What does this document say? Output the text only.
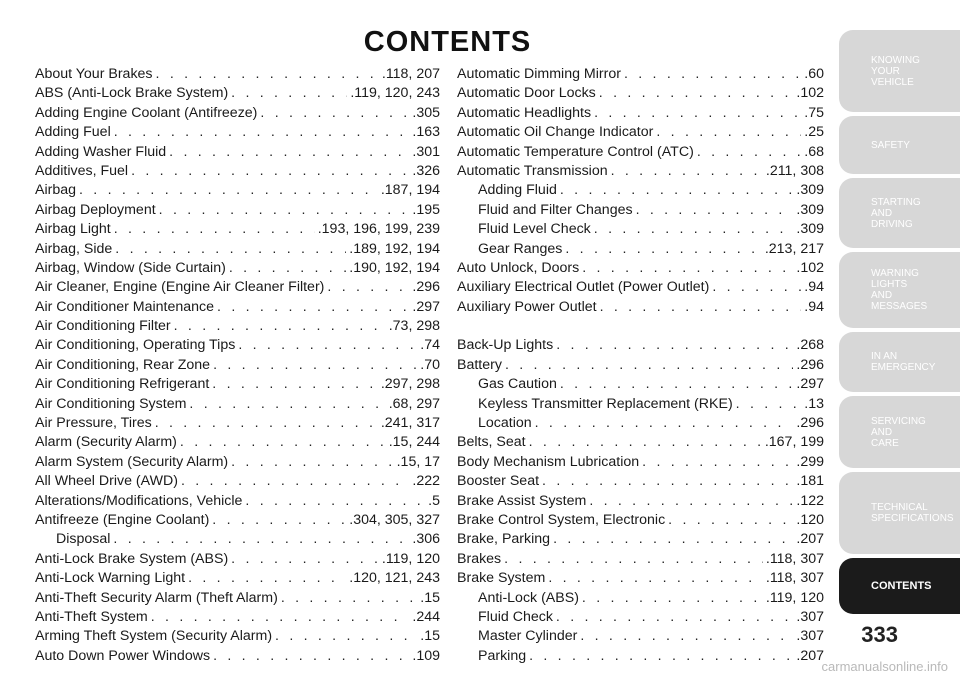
CONTENTS
About Your Brakes . . .	.118, 207
ABS (Anti-Lock Brake System) . . .	.119, 120, 243
Adding Engine Coolant (Antifreeze) . . .	.305
Adding Fuel . . .	.163
Adding Washer Fluid . . .	.301
Additives, Fuel . . .	.326
Airbag . . .	.187, 194
Airbag Deployment . . .	.195
Airbag Light . . .	.193, 196, 199, 239
Airbag, Side . . .	.189, 192, 194
Airbag, Window (Side Curtain) . . .	.190, 192, 194
Air Cleaner, Engine (Engine Air Cleaner Filter) . . .	.296
Air Conditioner Maintenance . . .	.297
Air Conditioning Filter . . .	.73, 298
Air Conditioning, Operating Tips . . .	.74
Air Conditioning, Rear Zone . . .	.70
Air Conditioning Refrigerant . . .	.297, 298
Air Conditioning System . . .	.68, 297
Air Pressure, Tires . . .	.241, 317
Alarm (Security Alarm) . . .	.15, 244
Alarm System (Security Alarm) . . .	.15, 17
All Wheel Drive (AWD) . . .	.222
Alterations/Modifications, Vehicle . . .	.5
Antifreeze (Engine Coolant) . . .	.304, 305, 327
Disposal . . .	.306
Anti-Lock Brake System (ABS) . . .	.119, 120
Anti-Lock Warning Light . . .	.120, 121, 243
Anti-Theft Security Alarm (Theft Alarm) . . .	.15
Anti-Theft System . . .	.244
Arming Theft System (Security Alarm) . . .	.15
Auto Down Power Windows . . .	.109
Automatic Dimming Mirror . . .	.60
Automatic Door Locks . . .	.102
Automatic Headlights . . .	.75
Automatic Oil Change Indicator . . .	.25
Automatic Temperature Control (ATC) . . .	.68
Automatic Transmission . . .	.211, 308
Adding Fluid . . .	.309
Fluid and Filter Changes . . .	.309
Fluid Level Check . . .	.309
Gear Ranges . . .	.213, 217
Auto Unlock, Doors . . .	.102
Auxiliary Electrical Outlet (Power Outlet) . . .	.94
Auxiliary Power Outlet . . .	.94
Back-Up Lights . . .	.268
Battery . . .	.296
Gas Caution . . .	.297
Keyless Transmitter Replacement (RKE) . . .	.13
Location . . .	.296
Belts, Seat . . .	.167, 199
Body Mechanism Lubrication . . .	.299
Booster Seat . . .	.181
Brake Assist System . . .	.122
Brake Control System, Electronic . . .	.120
Brake, Parking . . .	.207
Brakes . . .	.118, 307
Brake System . . .	.118, 307
Anti-Lock (ABS) . . .	.119, 120
Fluid Check . . .	.307
Master Cylinder . . .	.307
Parking . . .	.207
KNOWING
YOUR
VEHICLE
SAFETY
STARTING
AND
DRIVING
WARNING
LIGHTS
AND
MESSAGES
IN AN
EMERGENCY
SERVICING
AND
CARE
TECHNICAL
SPECIFICATIONS
CONTENTS
333
carmanualsonline.info
